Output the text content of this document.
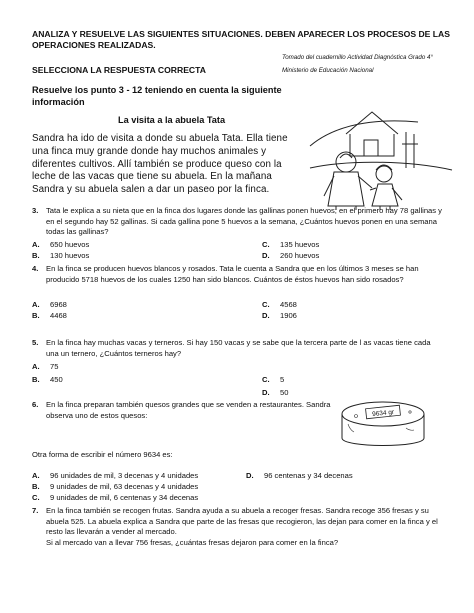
ANALIZA Y RESUELVE LAS SIGUIENTES SITUACIONES. DEBEN APARECER LOS PROCESOS DE LAS OPERACIONES REALIZADAS.
Tomado del cuadernillo Actividad Diagnóstica Grado 4°
SELECCIONA LA RESPUESTA CORRECTA	Ministerio de Educación Nacional
Resuelve los punto 3 - 12 teniendo en cuenta la siguiente información
La visita a la abuela Tata
Sandra ha ido de visita a donde su abuela Tata. Ella tiene una finca muy grande donde hay muchos animales y diferentes cultivos. Allí también se produce queso con la leche de las vacas que tiene su abuela. En la mañana Sandra y su abuela salen a dar un paseo por la finca.
3. Tata le explica a su nieta que en la finca dos lugares donde las gallinas ponen huevos; en el primero hay 78 gallinas y en el segundo hay 52 gallinas. Si cada gallina pone 5 huevos a la semana, ¿Cuántos huevos ponen en una semana todas las gallinas?
A. 650 huevos	C. 135 huevos
B. 130 huevos	D. 260 huevos
4. En la finca se producen huevos blancos y rosados. Tata le cuenta a Sandra que en los últimos 3 meses se han producido 5718 huevos de los cuales 1250 han sido blancos. Cuántos de éstos huevos han sido rosados?
A. 6968	C. 4568
B. 4468	D. 1906
5. En la finca hay muchas vacas y terneros. Si hay 150 vacas y se sabe que la tercera parte de l as vacas tiene cada una un ternero, ¿Cuántos terneros hay?
A. 75
B. 450	C. 5
D. 50
6. En la finca preparan también quesos grandes que se venden a restaurantes. Sandra observa uno de estos quesos:	9634 gr
Otra forma de escribir el número 9634 es:
A. 96 unidades de mil, 3 decenas y 4 unidades	D. 96 centenas y 34 decenas
B. 9 unidades de mil, 63 decenas y 4 unidades
C. 9 unidades de mil, 6 centenas y 34 decenas
7. En la finca también se recogen frutas. Sandra ayuda a su abuela a recoger fresas. Sandra recoge 356 fresas y su abuela 525. La abuela explica a Sandra que parte de las fresas que recogieron, las dejan para comer en la finca y el resto las llevarán a vender al mercado.
Si al mercado van a llevar 756 fresas, ¿cuántas fresas dejaron para comer en la finca?
